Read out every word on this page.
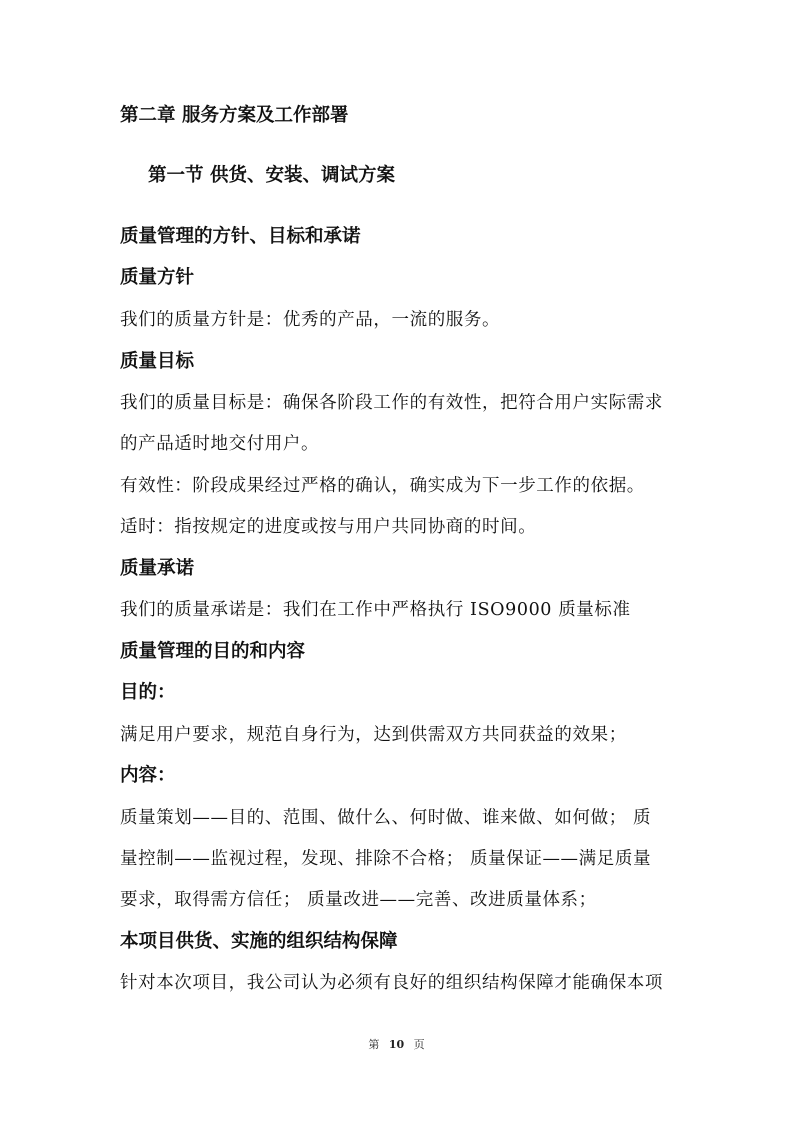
第二章 服务方案及工作部署
第一节 供货、安装、调试方案
质量管理的方针、目标和承诺
质量方针
我们的质量方针是：优秀的产品，一流的服务。
质量目标
我们的质量目标是：确保各阶段工作的有效性，把符合用户实际需求
的产品适时地交付用户。
有效性：阶段成果经过严格的确认，确实成为下一步工作的依据。
适时：指按规定的进度或按与用户共同协商的时间。
质量承诺
我们的质量承诺是：我们在工作中严格执行 ISO9000 质量标准
质量管理的目的和内容
目的：
满足用户要求，规范自身行为，达到供需双方共同获益的效果；
内容：
质量策划——目的、范围、做什么、何时做、谁来做、如何做； 质
量控制——监视过程，发现、排除不合格； 质量保证——满足质量
要求，取得需方信任； 质量改进——完善、改进质量体系；
本项目供货、实施的组织结构保障
针对本次项目，我公司认为必须有良好的组织结构保障才能确保本项
第 10 页
